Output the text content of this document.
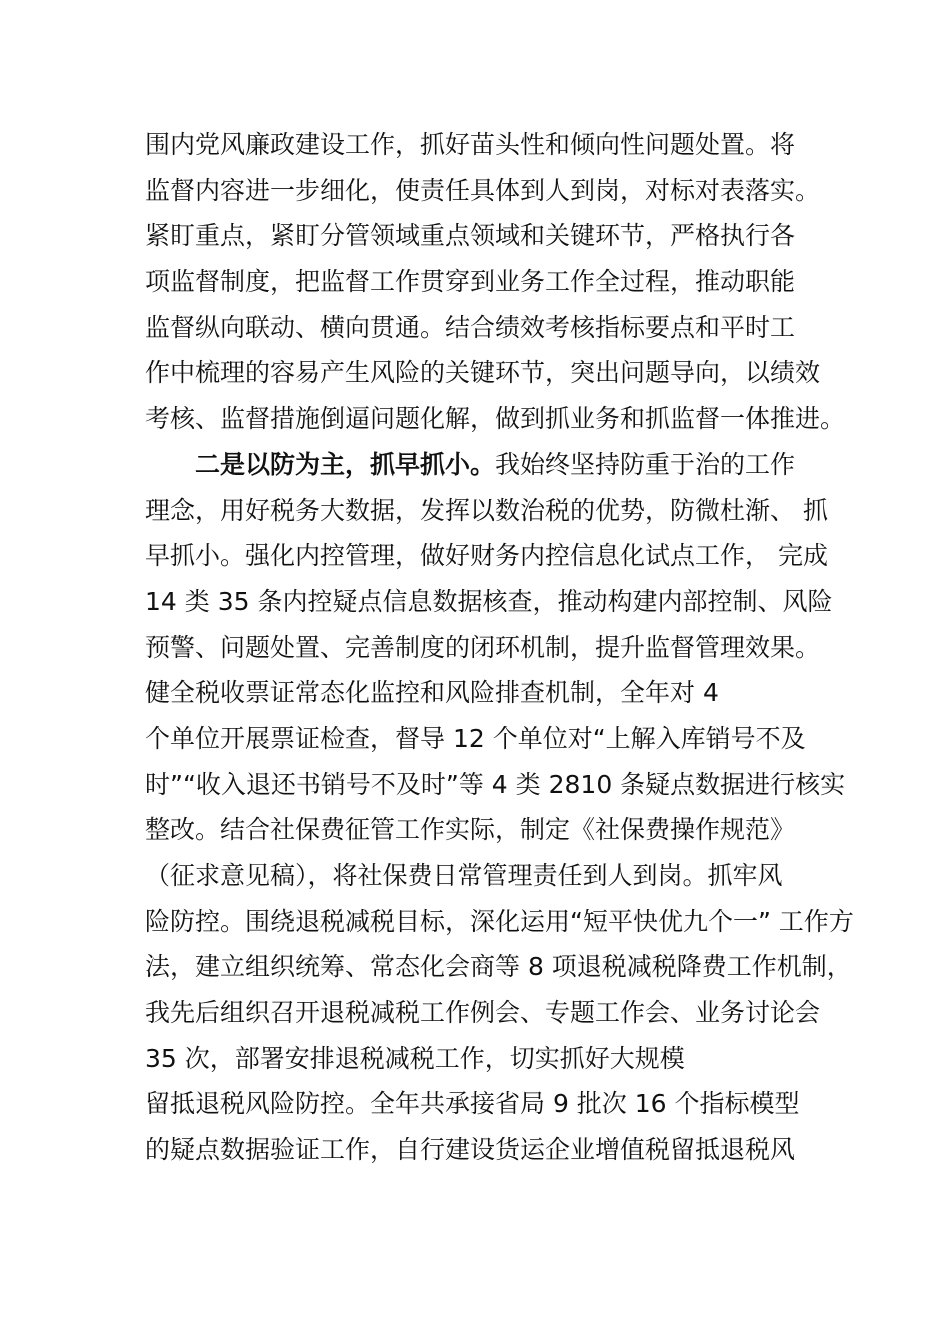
围内党风廉政建设工作，抓好苗头性和倾向性问题处置。将
监督内容进一步细化，使责任具体到人到岗，对标对表落实。
紧盯重点，紧盯分管领域重点领域和关键环节，严格执行各
项监督制度，把监督工作贯穿到业务工作全过程，推动职能
监督纵向联动、横向贯通。结合绩效考核指标要点和平时工
作中梳理的容易产生风险的关键环节，突出问题导向，以绩效
考核、监督措施倒逼问题化解，做到抓业务和抓监督一体推进。
二是以防为主，抓早抓小。我始终坚持防重于治的工作
理念，用好税务大数据，发挥以数治税的优势，防微杜渐、 抓
早抓小。强化内控管理，做好财务内控信息化试点工作， 完成
14 类 35 条内控疑点信息数据核查，推动构建内部控制、风险
预警、问题处置、完善制度的闭环机制，提升监督管理效果。
健全税收票证常态化监控和风险排查机制，全年对 4
个单位开展票证检查，督导 12 个单位对“上解入库销号不及
时”“收入退还书销号不及时”等 4 类 2810 条疑点数据进行核实
整改。结合社保费征管工作实际，制定《社保费操作规范》
（征求意见稿），将社保费日常管理责任到人到岗。抓牢风
险防控。围绕退税减税目标，深化运用“短平快优九个一” 工作方
法，建立组织统筹、常态化会商等 8 项退税减税降费工作机制，
我先后组织召开退税减税工作例会、专题工作会、业务讨论会
35 次，部署安排退税减税工作，切实抓好大规模
留抵退税风险防控。全年共承接省局 9 批次 16 个指标模型
的疑点数据验证工作，自行建设货运企业增值税留抵退税风
